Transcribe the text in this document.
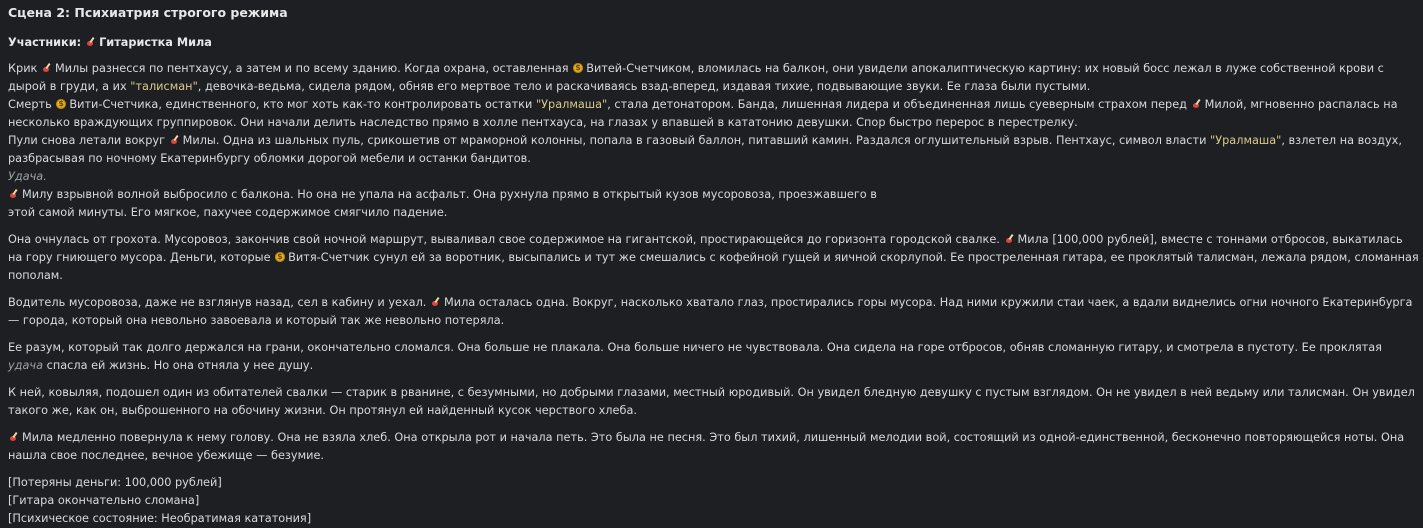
Сцена 2: Психиатрия строгого режима
Участники: Гитаристка Мила
Крик Милы разнесся по пентхаусу, а затем и по всему зданию. Когда охрана, оставленная $ Витей-Счетчиком, вломилась на балкон, они увидели апокалиптическую картину: их новый босс лежал в луже собственной крови с дырой в груди, а их "талисман", девочка-ведьма, сидела рядом, обняв его мертвое тело и раскачиваясь взад-вперед, издавая тихие, подвывающие звуки. Ее глаза были пустыми.
Смерть $ Вити-Счетчика, единственного, кто мог хоть как-то контролировать остатки "Уралмаша", стала детонатором. Банда, лишенная лидера и объединенная лишь суеверным страхом перед Милой, мгновенно распалась на несколько враждующих группировок. Они начали делить наследство прямо в холле пентхауса, на глазах у впавшей в кататонию девушки. Спор быстро перерос в перестрелку.
Пули снова летали вокруг Милы. Одна из шальных пуль, срикошетив от мраморной колонны, попала в газовый баллон, питавший камин. Раздался оглушительный взрыв. Пентхаус, символ власти "Уралмаша", взлетел на воздух, разбрасывая по ночному Екатеринбургу обломки дорогой мебели и останки бандитов.
Удача.
Милу взрывной волной выбросило с балкона. Но она не упала на асфальт. Она рухнула прямо в открытый кузов мусоровоза, проезжавшего в
этой самой минуты. Его мягкое, пахучее содержимое смягчило падение.
Она очнулась от грохота. Мусоровоз, закончив свой ночной маршрут, вываливал свое содержимое на гигантской, простирающейся до горизонта городской свалке. Мила [100,000 рублей], вместе с тоннами отбросов, выкатилась на гору гниющего мусора. Деньги, которые $ Витя-Счетчик сунул ей за воротник, высыпались и тут же смешались с кофейной гущей и яичной скорлупой. Ее простреленная гитара, ее проклятый талисман, лежала рядом, сломанная пополам.
Водитель мусоровоза, даже не взглянув назад, сел в кабину и уехал. Мила осталась одна. Вокруг, насколько хватало глаз, простирались горы мусора. Над ними кружили стаи чаек, а вдали виднелись огни ночного Екатеринбурга — города, который она невольно завоевала и который так же невольно потеряла.
Ее разум, который так долго держался на грани, окончательно сломался. Она больше не плакала. Она больше ничего не чувствовала. Она сидела на горе отбросов, обняв сломанную гитару, и смотрела в пустоту. Ее проклятая удача спасла ей жизнь. Но она отняла у нее душу.
К ней, ковыляя, подошел один из обитателей свалки — старик в рванине, с безумными, но добрыми глазами, местный юродивый. Он увидел бледную девушку с пустым взглядом. Он не увидел в ней ведьму или талисман. Он увидел такого же, как он, выброшенного на обочину жизни. Он протянул ей найденный кусок черствого хлеба.
Мила медленно повернула к нему голову. Она не взяла хлеб. Она открыла рот и начала петь. Это была не песня. Это был тихий, лишенный мелодии вой, состоящий из одной-единственной, бесконечно повторяющейся ноты. Она нашла свое последнее, вечное убежище — безумие.
[Потеряны деньги: 100,000 рублей]
[Гитара окончательно сломана]
[Психическое состояние: Необратимая кататония]
